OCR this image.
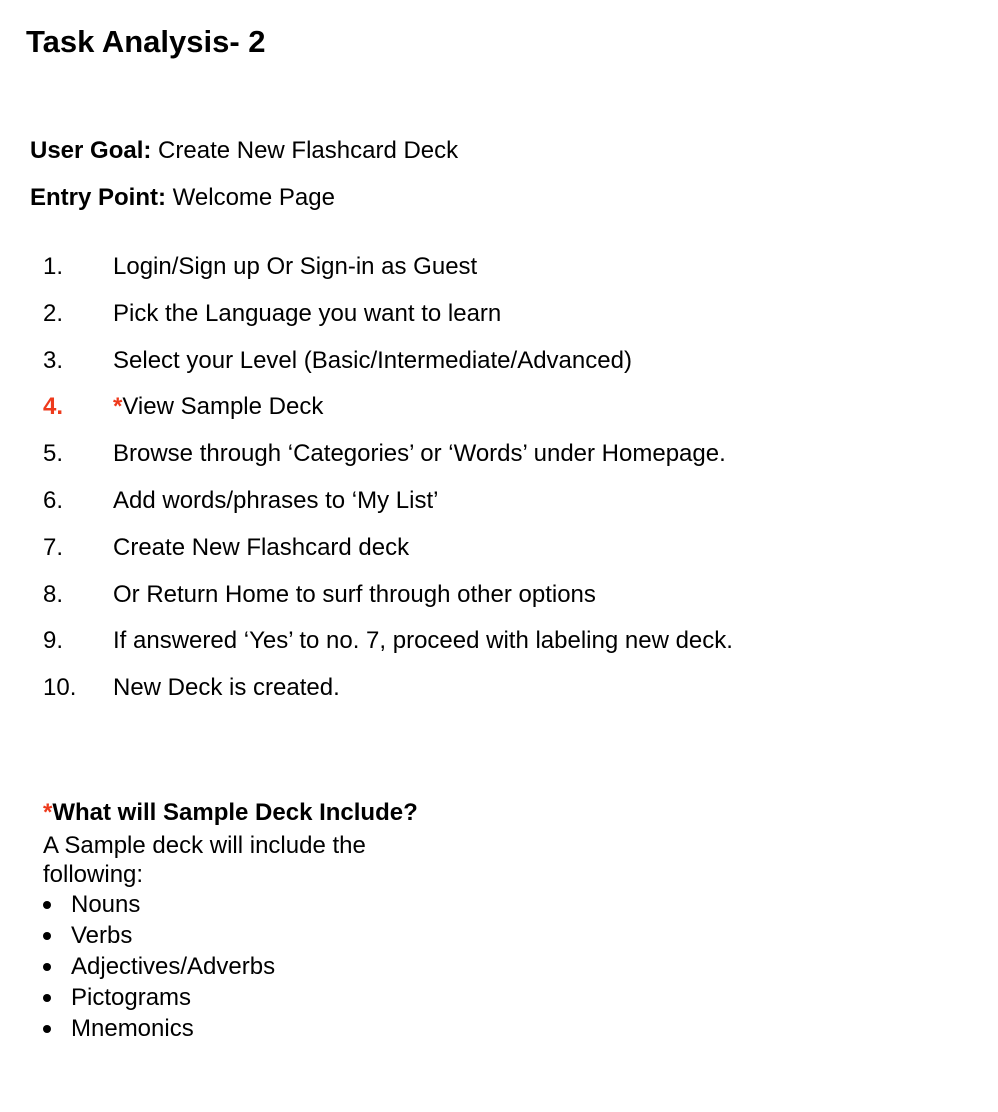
Task Analysis- 2
User Goal: Create New Flashcard Deck
Entry Point: Welcome Page
1. Login/Sign up Or Sign-in as Guest
2. Pick the Language you want to learn
3. Select your Level (Basic/Intermediate/Advanced)
4. *View Sample Deck
5. Browse through ‘Categories’ or ‘Words’ under Homepage.
6. Add words/phrases to ‘My List’
7. Create New Flashcard deck
8. Or Return Home to surf through other options
9. If answered ‘Yes’ to no. 7, proceed with labeling new deck.
10. New Deck is created.
*What will Sample Deck Include?
A Sample deck will include the following:
Nouns
Verbs
Adjectives/Adverbs
Pictograms
Mnemonics
